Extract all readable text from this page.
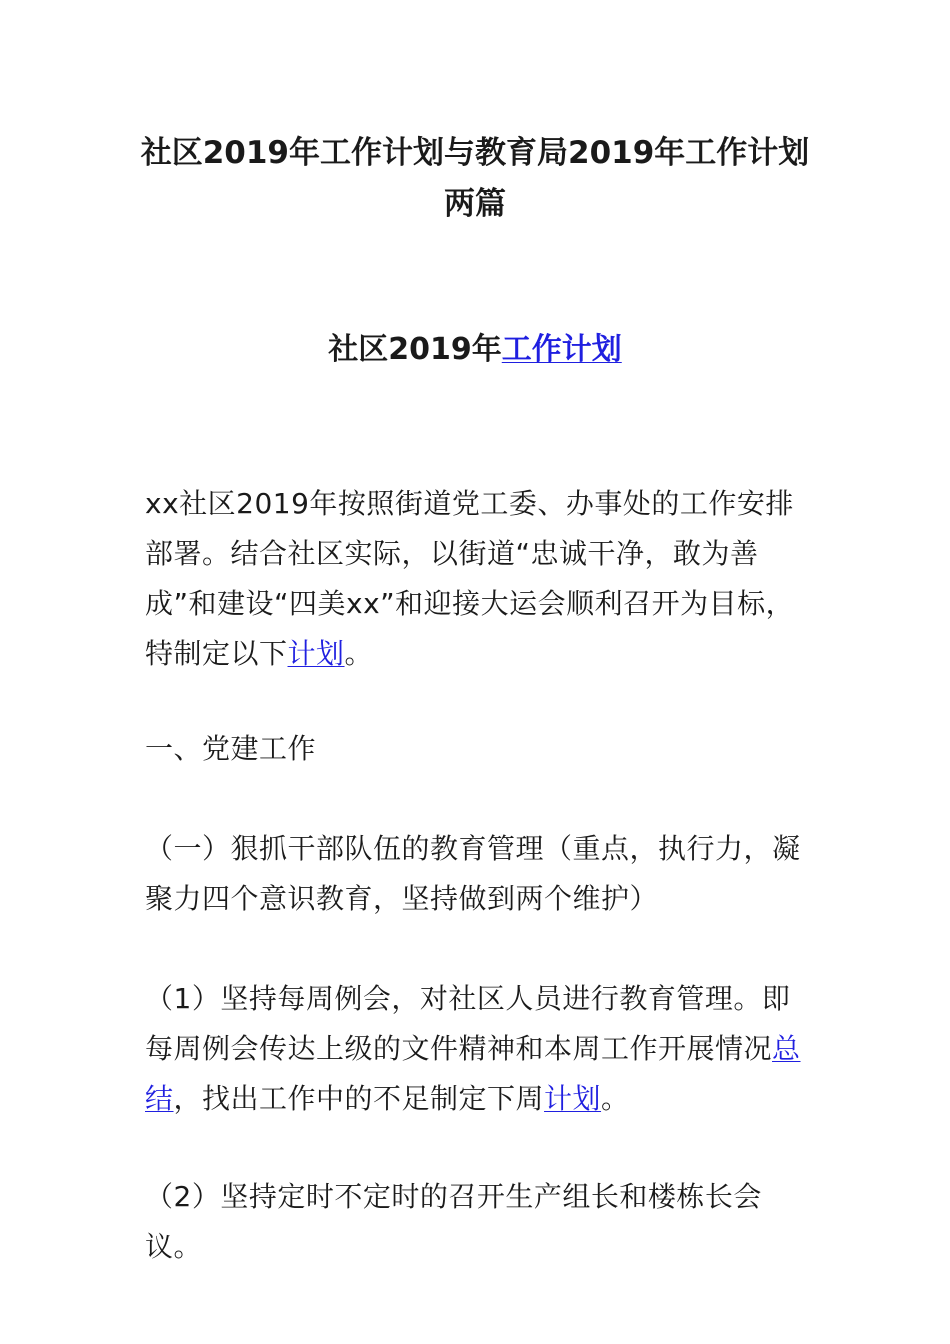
社区2019年工作计划与教育局2019年工作计划两篇
社区2019年工作计划

xx社区2019年按照街道党工委、办事处的工作安排部署。结合社区实际，以街道“忠诚干净，敢为善成”和建设“四美xx”和迎接大运会顺利召开为目标，特制定以下计划。

一、党建工作

（一）狠抓干部队伍的教育管理（重点，执行力，凝聚力四个意识教育，坚持做到两个维护）

（1）坚持每周例会，对社区人员进行教育管理。即每周例会传达上级的文件精神和本周工作开展情况总结，找出工作中的不足制定下周计划。

（2）坚持定时不定时的召开生产组长和楼栋长会议。
